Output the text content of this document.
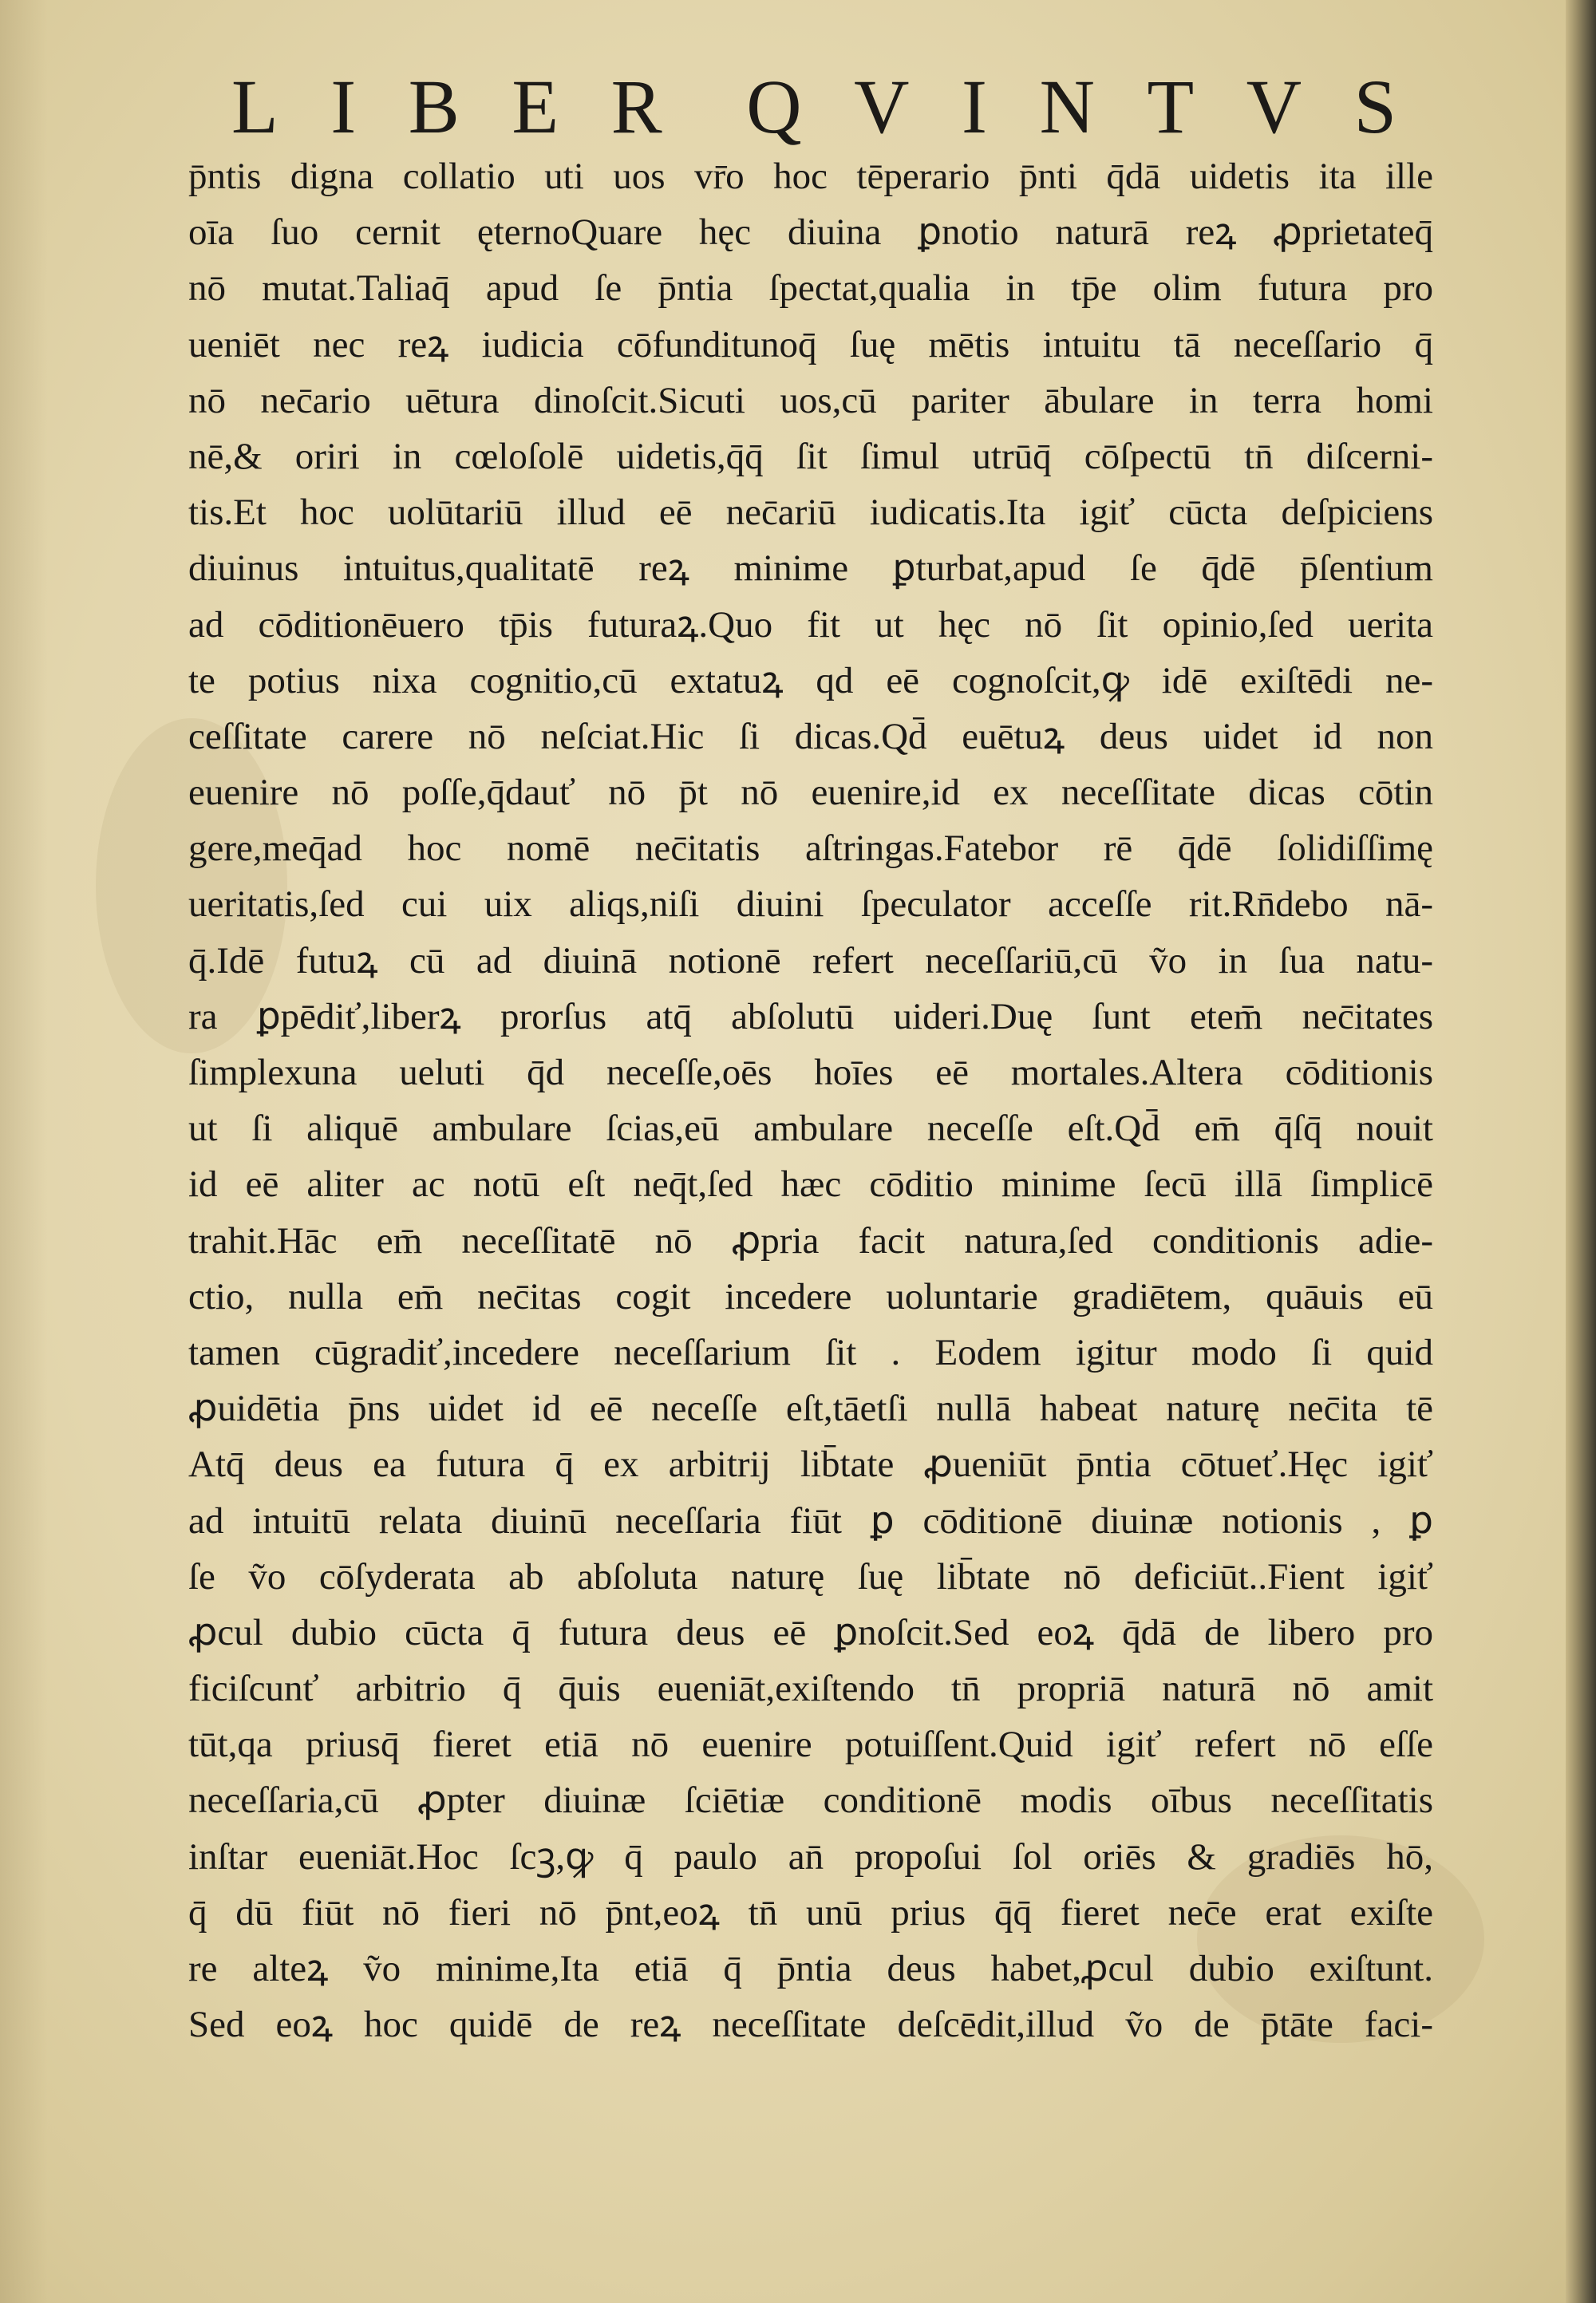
L I B E R Q V I N T V S
p̄ntis digna collatio uti uos vr̄o hoc tēperario p̄nti q̄dā uidetis ita ille
oīa ſuo cernit ęternoQuare hęc diuina ꝑnotio naturā reꝝ ꝓprietateq̄
nō mutat.Taliaq̄ apud ſe p̄ntia ſpectat,qualia in tp̄e olim futura pro
ueniēt nec reꝝ iudicia cōfunditunoq̄ ſuę mētis intuitu tā neceſſario q̄
nō nec̄ario uētura dinoſcit.Sicuti uos,cū pariter ābulare in terra homi
nē,& oriri in cœloſolē uidetis,q̄q̄ ſit ſimul utrūq̄ cōſpectū tn̄ diſcerni-
tis.Et hoc uolūtariū illud eē nec̄ariū iudicatis.Ita igiť cūcta deſpiciens
diuinus intuitus,qualitatē reꝝ minime ꝑturbat,apud ſe q̄dē p̄ſentium
ad cōditionēuero tp̄is futuraꝝ.Quo fit ut hęc nō ſit opinio,ſed uerita
te potius nixa cognitio,cū extatuꝝ qd eē cognoſcit,ꝙ idē exiſtēdi ne-
ceſſitate carere nō neſciat.Hic ſi dicas.Qd̄ euētuꝝ deus uidet id non
euenire nō poſſe,q̄dauť nō p̄t nō euenire,id ex neceſſitate dicas cōtin
gere,meq̄ad hoc nomē nec̄itatis aſtringas.Fatebor rē q̄dē ſolidiſſimę
ueritatis,ſed cui uix aliqs,niſi diuini ſpeculator acceſſe rit.Rn̄debo nā-
q̄.Idē futuꝝ cū ad diuinā notionē refert neceſſariū,cū ṽo in ſua natu-
ra ꝑpēdiť,liberꝝ prorſus atq̄ abſolutū uideri.Duę ſunt etem̄ nec̄itates
ſimplexuna ueluti q̄d neceſſe,oēs hoīes eē mortales.Altera cōditionis
ut ſi aliquē ambulare ſcias,eū ambulare neceſſe eſt.Qd̄ em̄ q̄ſq̄ nouit
id eē aliter ac notū eſt neq̄t,ſed hæc cōditio minime ſecū illā ſimplicē
trahit.Hāc em̄ neceſſitatē nō ꝓpria facit natura,ſed conditionis adie-
ctio, nulla em̄ nec̄itas cogit incedere uoluntarie gradiētem, quāuis eū
tamen cūgradiť,incedere neceſſarium ſit . Eodem igitur modo ſi quid
ꝓuidētia p̄ns uidet id eē neceſſe eſt,tāetſi nullā habeat naturę nec̄ita tē
Atq̄ deus ea futura q̄ ex arbitrij lib̄tate ꝓueniūt p̄ntia cōtueť.Hęc igiť
ad intuitū relata diuinū neceſſaria fiūt ꝑ cōditionē diuinæ notionis , ꝑ
ſe ṽo cōſyderata ab abſoluta naturę ſuę lib̄tate nō deficiūt..Fient igiť
ꝓcul dubio cūcta q̄ futura deus eē ꝑnoſcit.Sed eoꝝ q̄dā de libero pro
ficiſcunť arbitrio q̄ q̄uis eueniāt,exiſtendo tn̄ propriā naturā nō amit
tūt,qa priusq̄ fieret etiā nō euenire potuiſſent.Quid igiť refert nō eſſe
neceſſaria,cū ꝓpter diuinæ ſciētiæ conditionē modis oībus neceſſitatis
inſtar eueniāt.Hoc ſcꝫ,ꝙ q̄ paulo an̄ propoſui ſol oriēs & gradiēs hō,
q̄ dū fiūt nō fieri nō p̄nt,eoꝝ tn̄ unū prius q̄q̄ fieret nec̄e erat exiſte
re alteꝝ ṽo minime,Ita etiā q̄ p̄ntia deus habet,ꝓcul dubio exiſtunt.
Sed eoꝝ hoc quidē de reꝝ neceſſitate deſcēdit,illud ṽo de p̄tāte faci-
